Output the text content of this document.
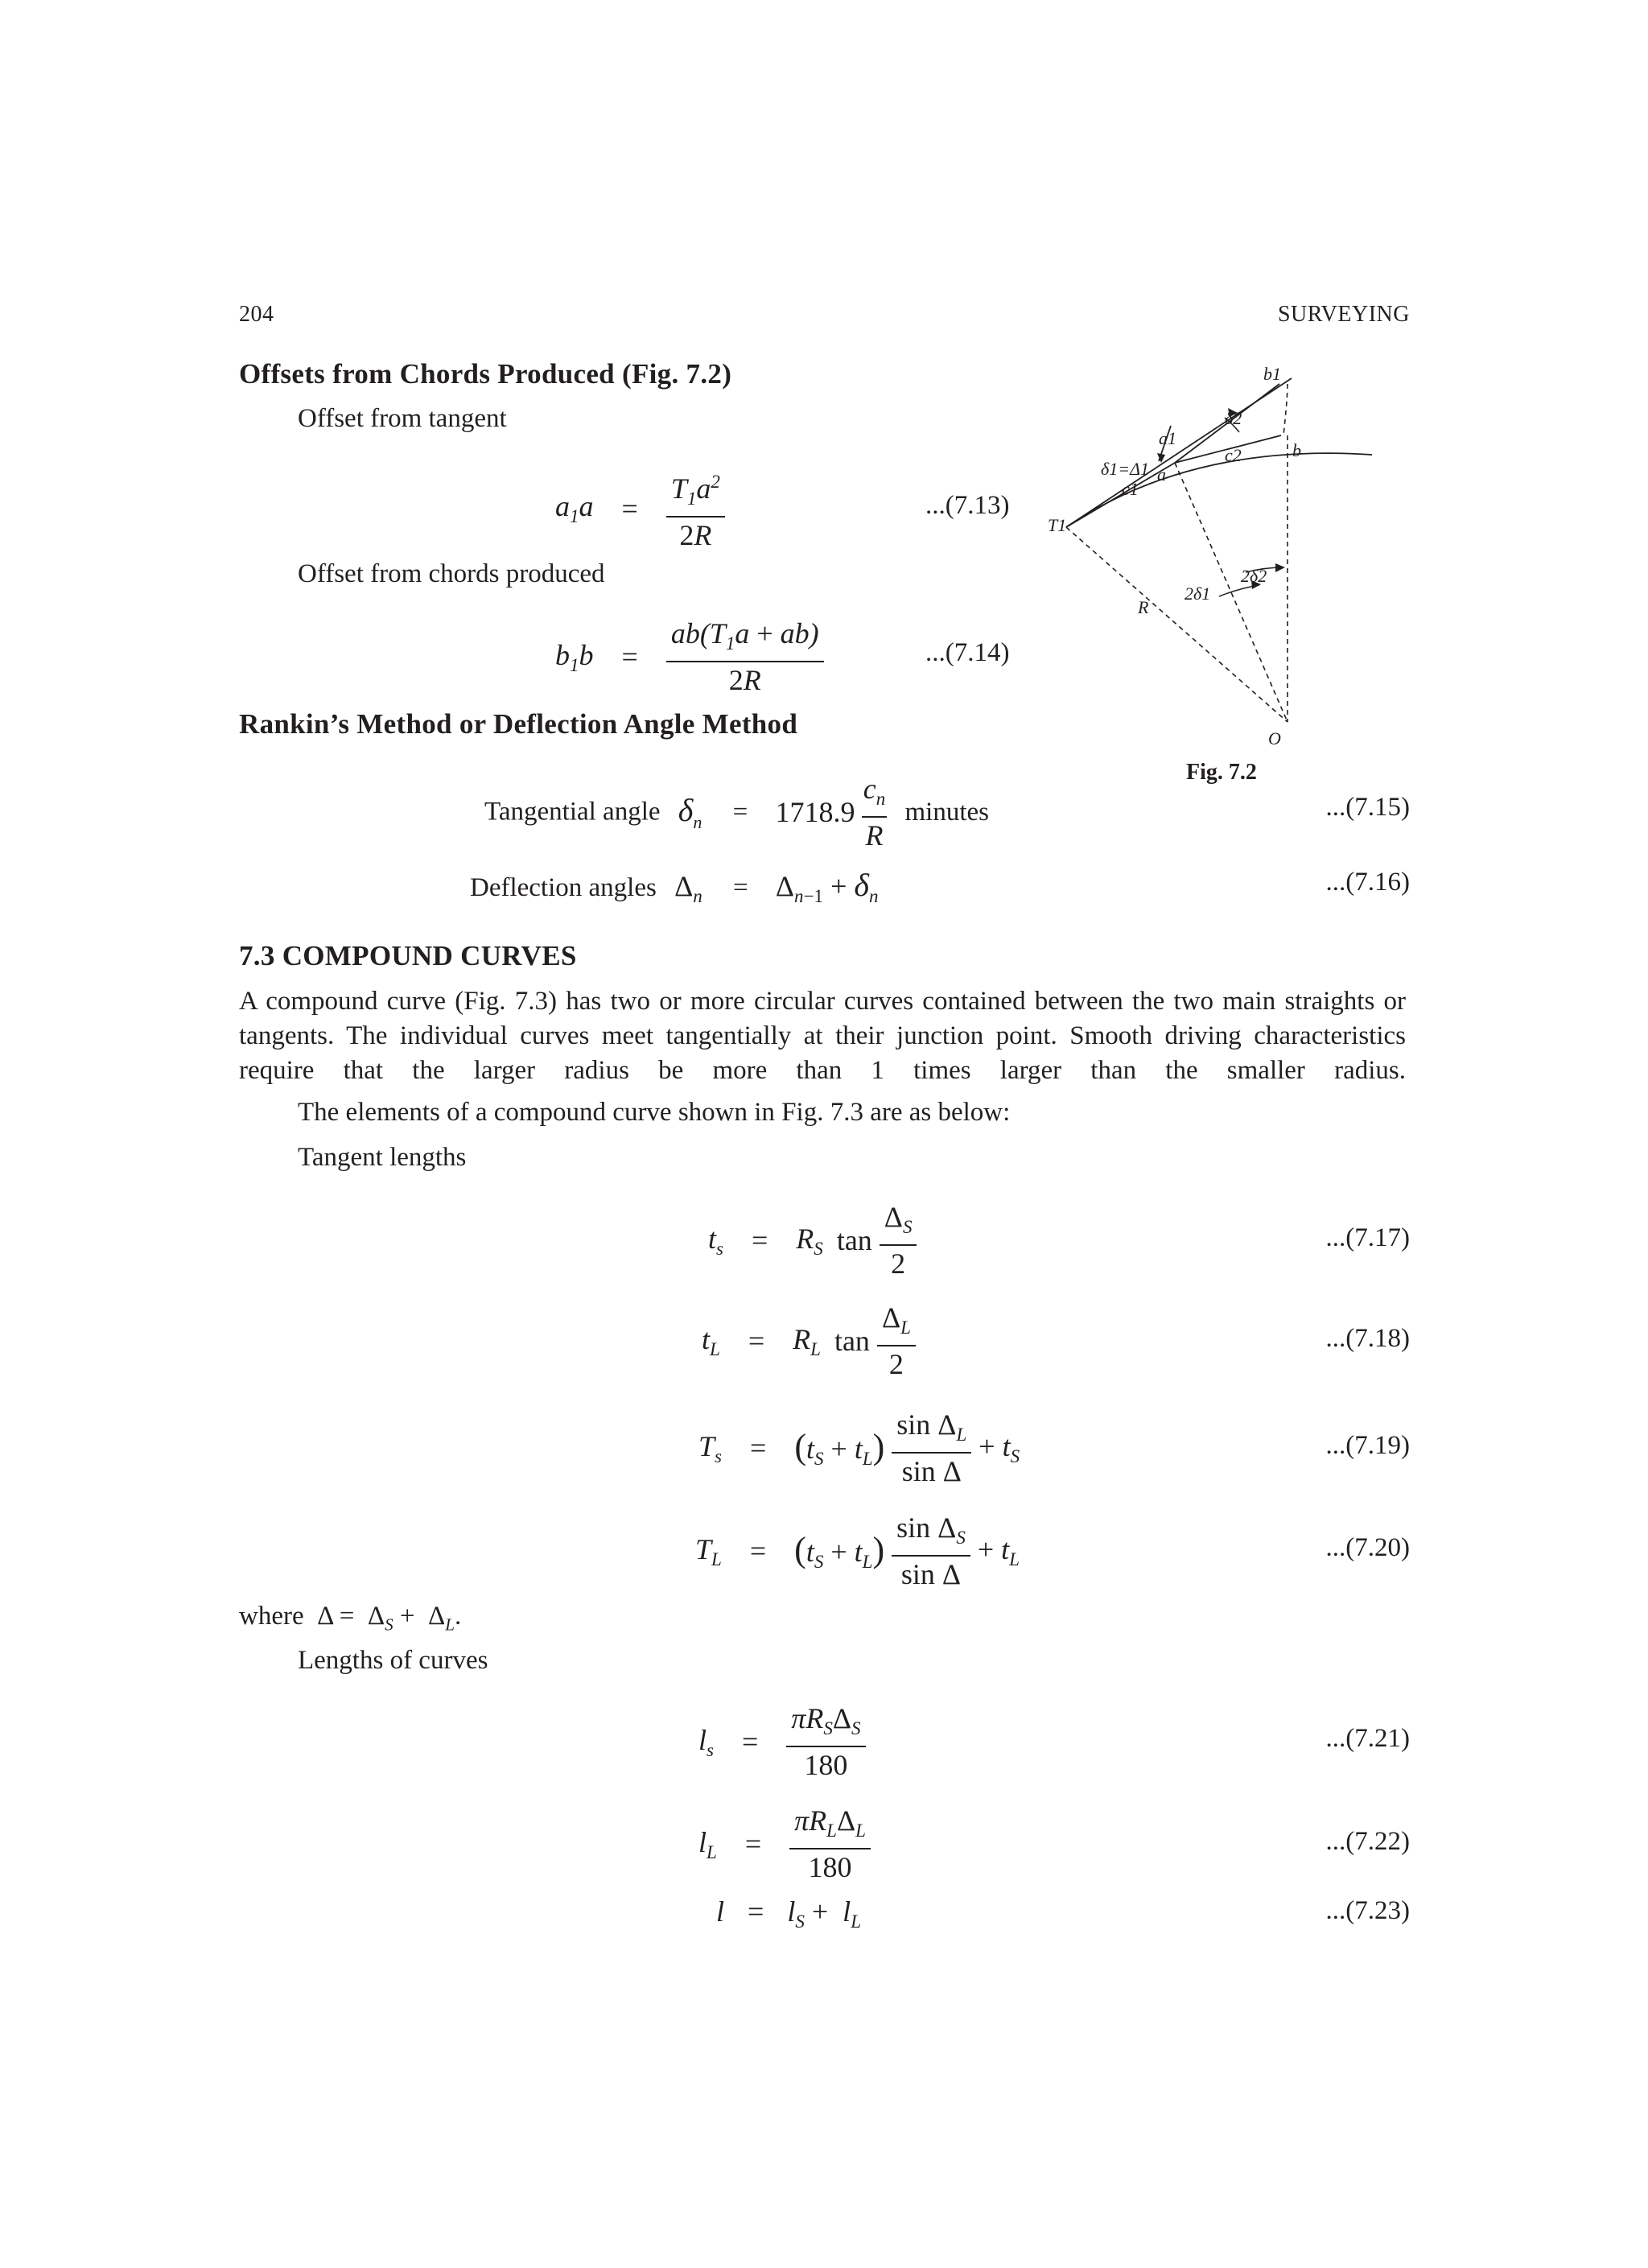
204	SURVEYING
Offsets from Chords Produced (Fig. 7.2)
Offset from tangent
$a_1a = \frac{T_1a^2}{2R}$	...(7.13)
Offset from chords produced
$b_1b = \frac{ab(T_1a + ab)}{2R}$	...(7.14)
b1
a1
δ2
δ1=Δ1 a
c2	b
c1
T1
R
2δ1
2δ2
O
Fig. 7.2
Rankin’s Method or Deflection Angle Method
Tangential angle $\delta_n = 1718.9 \frac{c_n}{R}$ minutes	...(7.15)
Deflection angles $\Delta_n = \Delta_{n-1} + \delta_n$	...(7.16)
7.3 COMPOUND CURVES
A compound curve (Fig. 7.3) has two or more circular curves contained between the two main straights or tangents. The individual curves meet tangentially at their junction point. Smooth driving characteristics require that the larger radius be more than 1 times larger than the smaller radius.
The elements of a compound curve shown in Fig. 7.3 are as below:
Tangent lengths
$t_s = R_S$ $\tan \frac{\Delta_S}{2}$	...(7.17)
$t_L = R_L$ $\tan \frac{\Delta_L}{2}$	...(7.18)
$T_s = (t_S + t_L) \frac{\sin \Delta_L}{\text{sin Δ}} + t_S$	...(7.19)
$T_L = (t_S + t_L) \frac{\sin \Delta_S}{\text{sin Δ}} + t_L$	...(7.20)
where  $\Delta = \Delta_S + \Delta_L$.
Lengths of curves
$l_s = \frac{\pi R_S\Delta_S}{180}$	...(7.21)
$l_L = \frac{\pi R_L\Delta_L}{180}$	...(7.22)
$l = l_S + l_L$	...(7.23)
